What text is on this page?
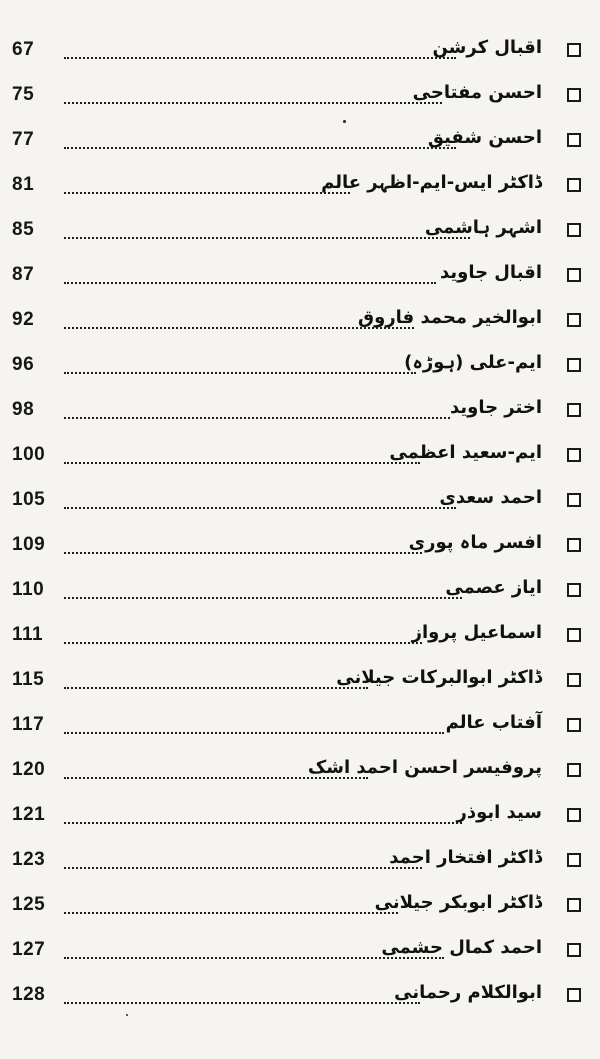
67	اقبال کرشن
75	احسن مفتاحی
77	احسن شفیق
81	ڈاکٹر ایس-ایم-اظہر عالم
85	اشہر ہاشمی
87	اقبال جاوید
92	ابوالخیر محمد فاروق
96	ایم-علی (ہوڑہ)
98	اختر جاوید
100	ایم-سعید اعظمی
105	احمد سعدی
109	افسر ماہ پوری
110	ایاز عصمی
111	اسماعیل پرواز
115	ڈاکٹر ابوالبرکات جیلانی
117	آفتاب عالم
120	پروفیسر احسن احمد اشک
121	سید ابوذر
123	ڈاکٹر افتخار احمد
125	ڈاکٹر ابوبکر جیلانی
127	احمد کمال حشمی
128	ابوالکلام رحمانی
